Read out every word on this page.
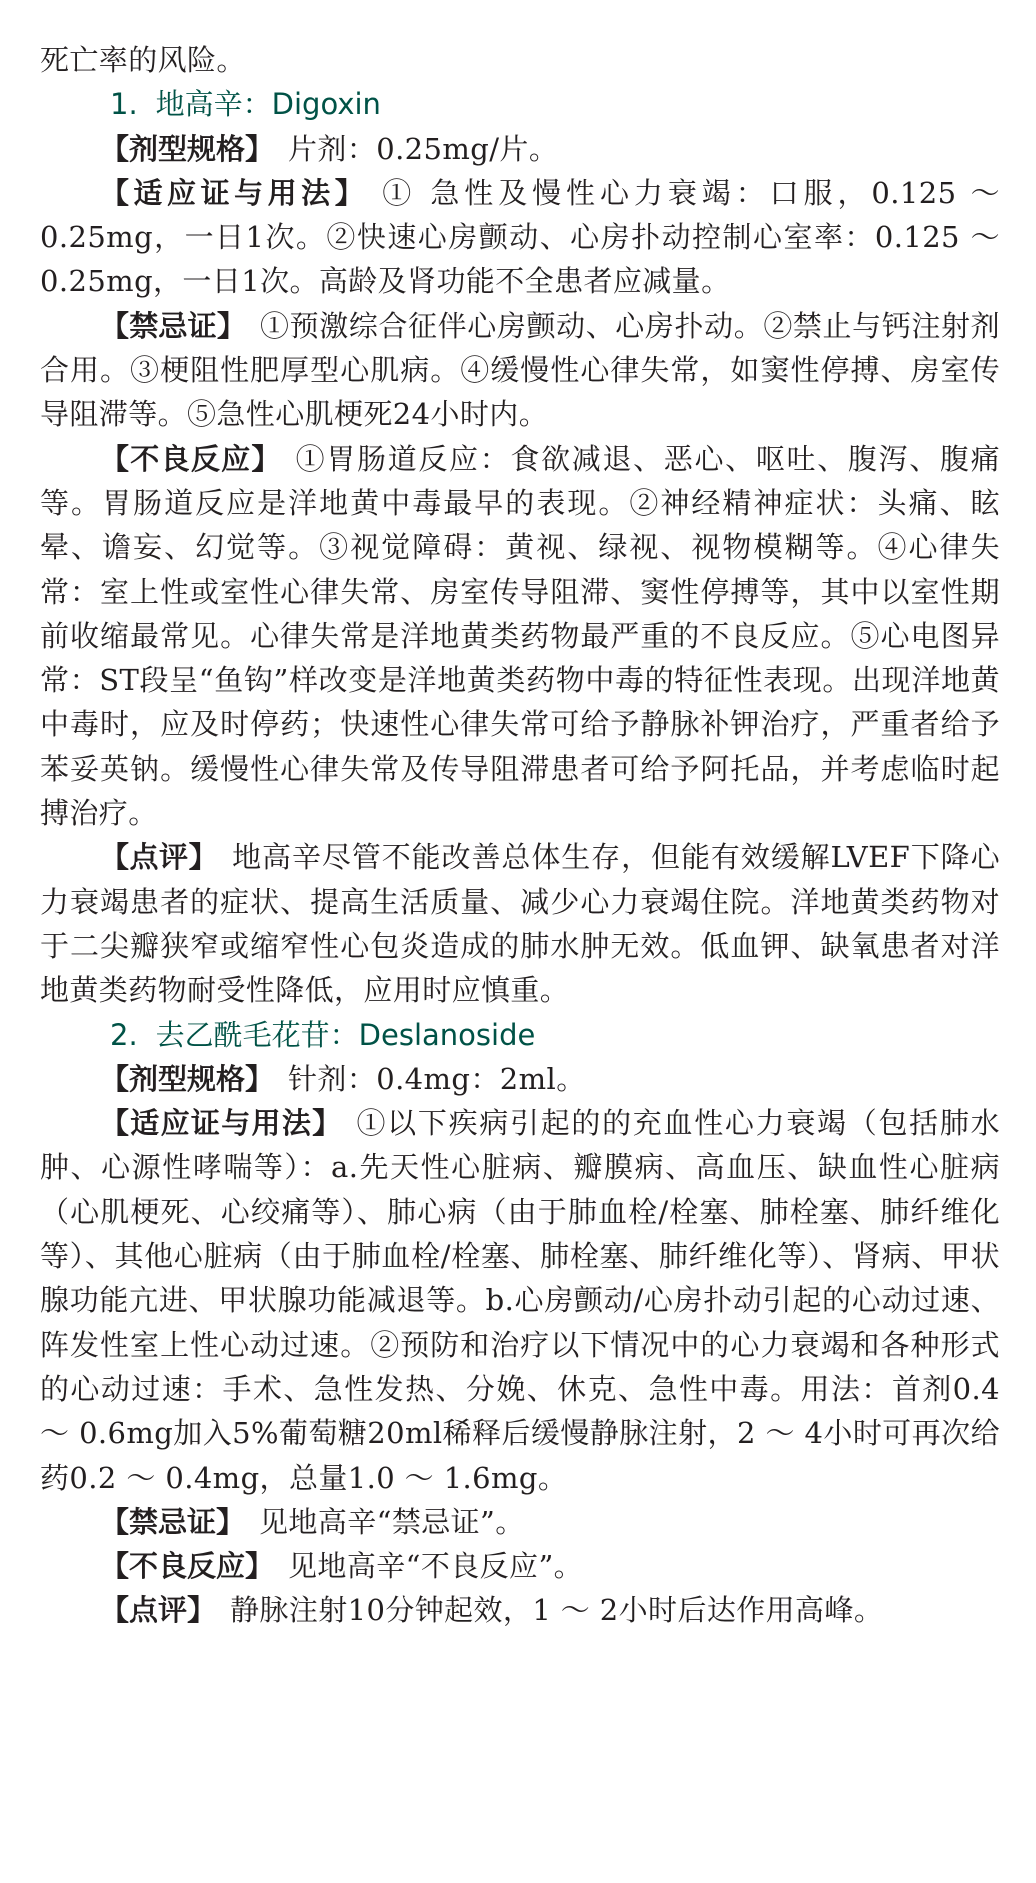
死亡率的风险。

1. 地高辛：Digoxin

【剂型规格】 片剂：0.25mg/片。

【适应证与用法】 ① 急性及慢性心力衰竭：口服，0.125 ～ 0.25mg，一日1次。②快速心房颤动、心房扑动控制心室率：0.125 ～ 0.25mg，一日1次。高龄及肾功能不全患者应减量。

【禁忌证】 ①预激综合征伴心房颤动、心房扑动。②禁止与钙注射剂合用。③梗阻性肥厚型心肌病。④缓慢性心律失常，如窦性停搏、房室传导阻滞等。⑤急性心肌梗死24小时内。

【不良反应】 ①胃肠道反应：食欲减退、恶心、呕吐、腹泻、腹痛等。胃肠道反应是洋地黄中毒最早的表现。②神经精神症状：头痛、眩晕、谵妄、幻觉等。③视觉障碍：黄视、绿视、视物模糊等。④心律失常：室上性或室性心律失常、房室传导阻滞、窦性停搏等，其中以室性期前收缩最常见。心律失常是洋地黄类药物最严重的不良反应。⑤心电图异常：ST段呈“鱼钩”样改变是洋地黄类药物中毒的特征性表现。出现洋地黄中毒时，应及时停药；快速性心律失常可给予静脉补钾治疗，严重者给予苯妥英钠。缓慢性心律失常及传导阻滞患者可给予阿托品，并考虑临时起搏治疗。

【点评】 地高辛尽管不能改善总体生存，但能有效缓解LVEF下降心力衰竭患者的症状、提高生活质量、减少心力衰竭住院。洋地黄类药物对于二尖瓣狭窄或缩窄性心包炎造成的肺水肿无效。低血钾、缺氧患者对洋地黄类药物耐受性降低，应用时应慎重。

2. 去乙酰毛花苷：Deslanoside

【剂型规格】 针剂：0.4mg：2ml。

【适应证与用法】 ①以下疾病引起的的充血性心力衰竭（包括肺水肿、心源性哮喘等）：a.先天性心脏病、瓣膜病、高血压、缺血性心脏病（心肌梗死、心绞痛等）、肺心病（由于肺血栓/栓塞、肺栓塞、肺纤维化等）、其他心脏病（由于肺血栓/栓塞、肺栓塞、肺纤维化等）、肾病、甲状腺功能亢进、甲状腺功能减退等。b.心房颤动/心房扑动引起的心动过速、阵发性室上性心动过速。②预防和治疗以下情况中的心力衰竭和各种形式的心动过速：手术、急性发热、分娩、休克、急性中毒。用法：首剂0.4 ～ 0.6mg加入5%葡萄糖20ml稀释后缓慢静脉注射，2 ～ 4小时可再次给药0.2 ～ 0.4mg，总量1.0 ～ 1.6mg。

【禁忌证】 见地高辛“禁忌证”。

【不良反应】 见地高辛“不良反应”。

【点评】 静脉注射10分钟起效，1 ～ 2小时后达作用高峰。
